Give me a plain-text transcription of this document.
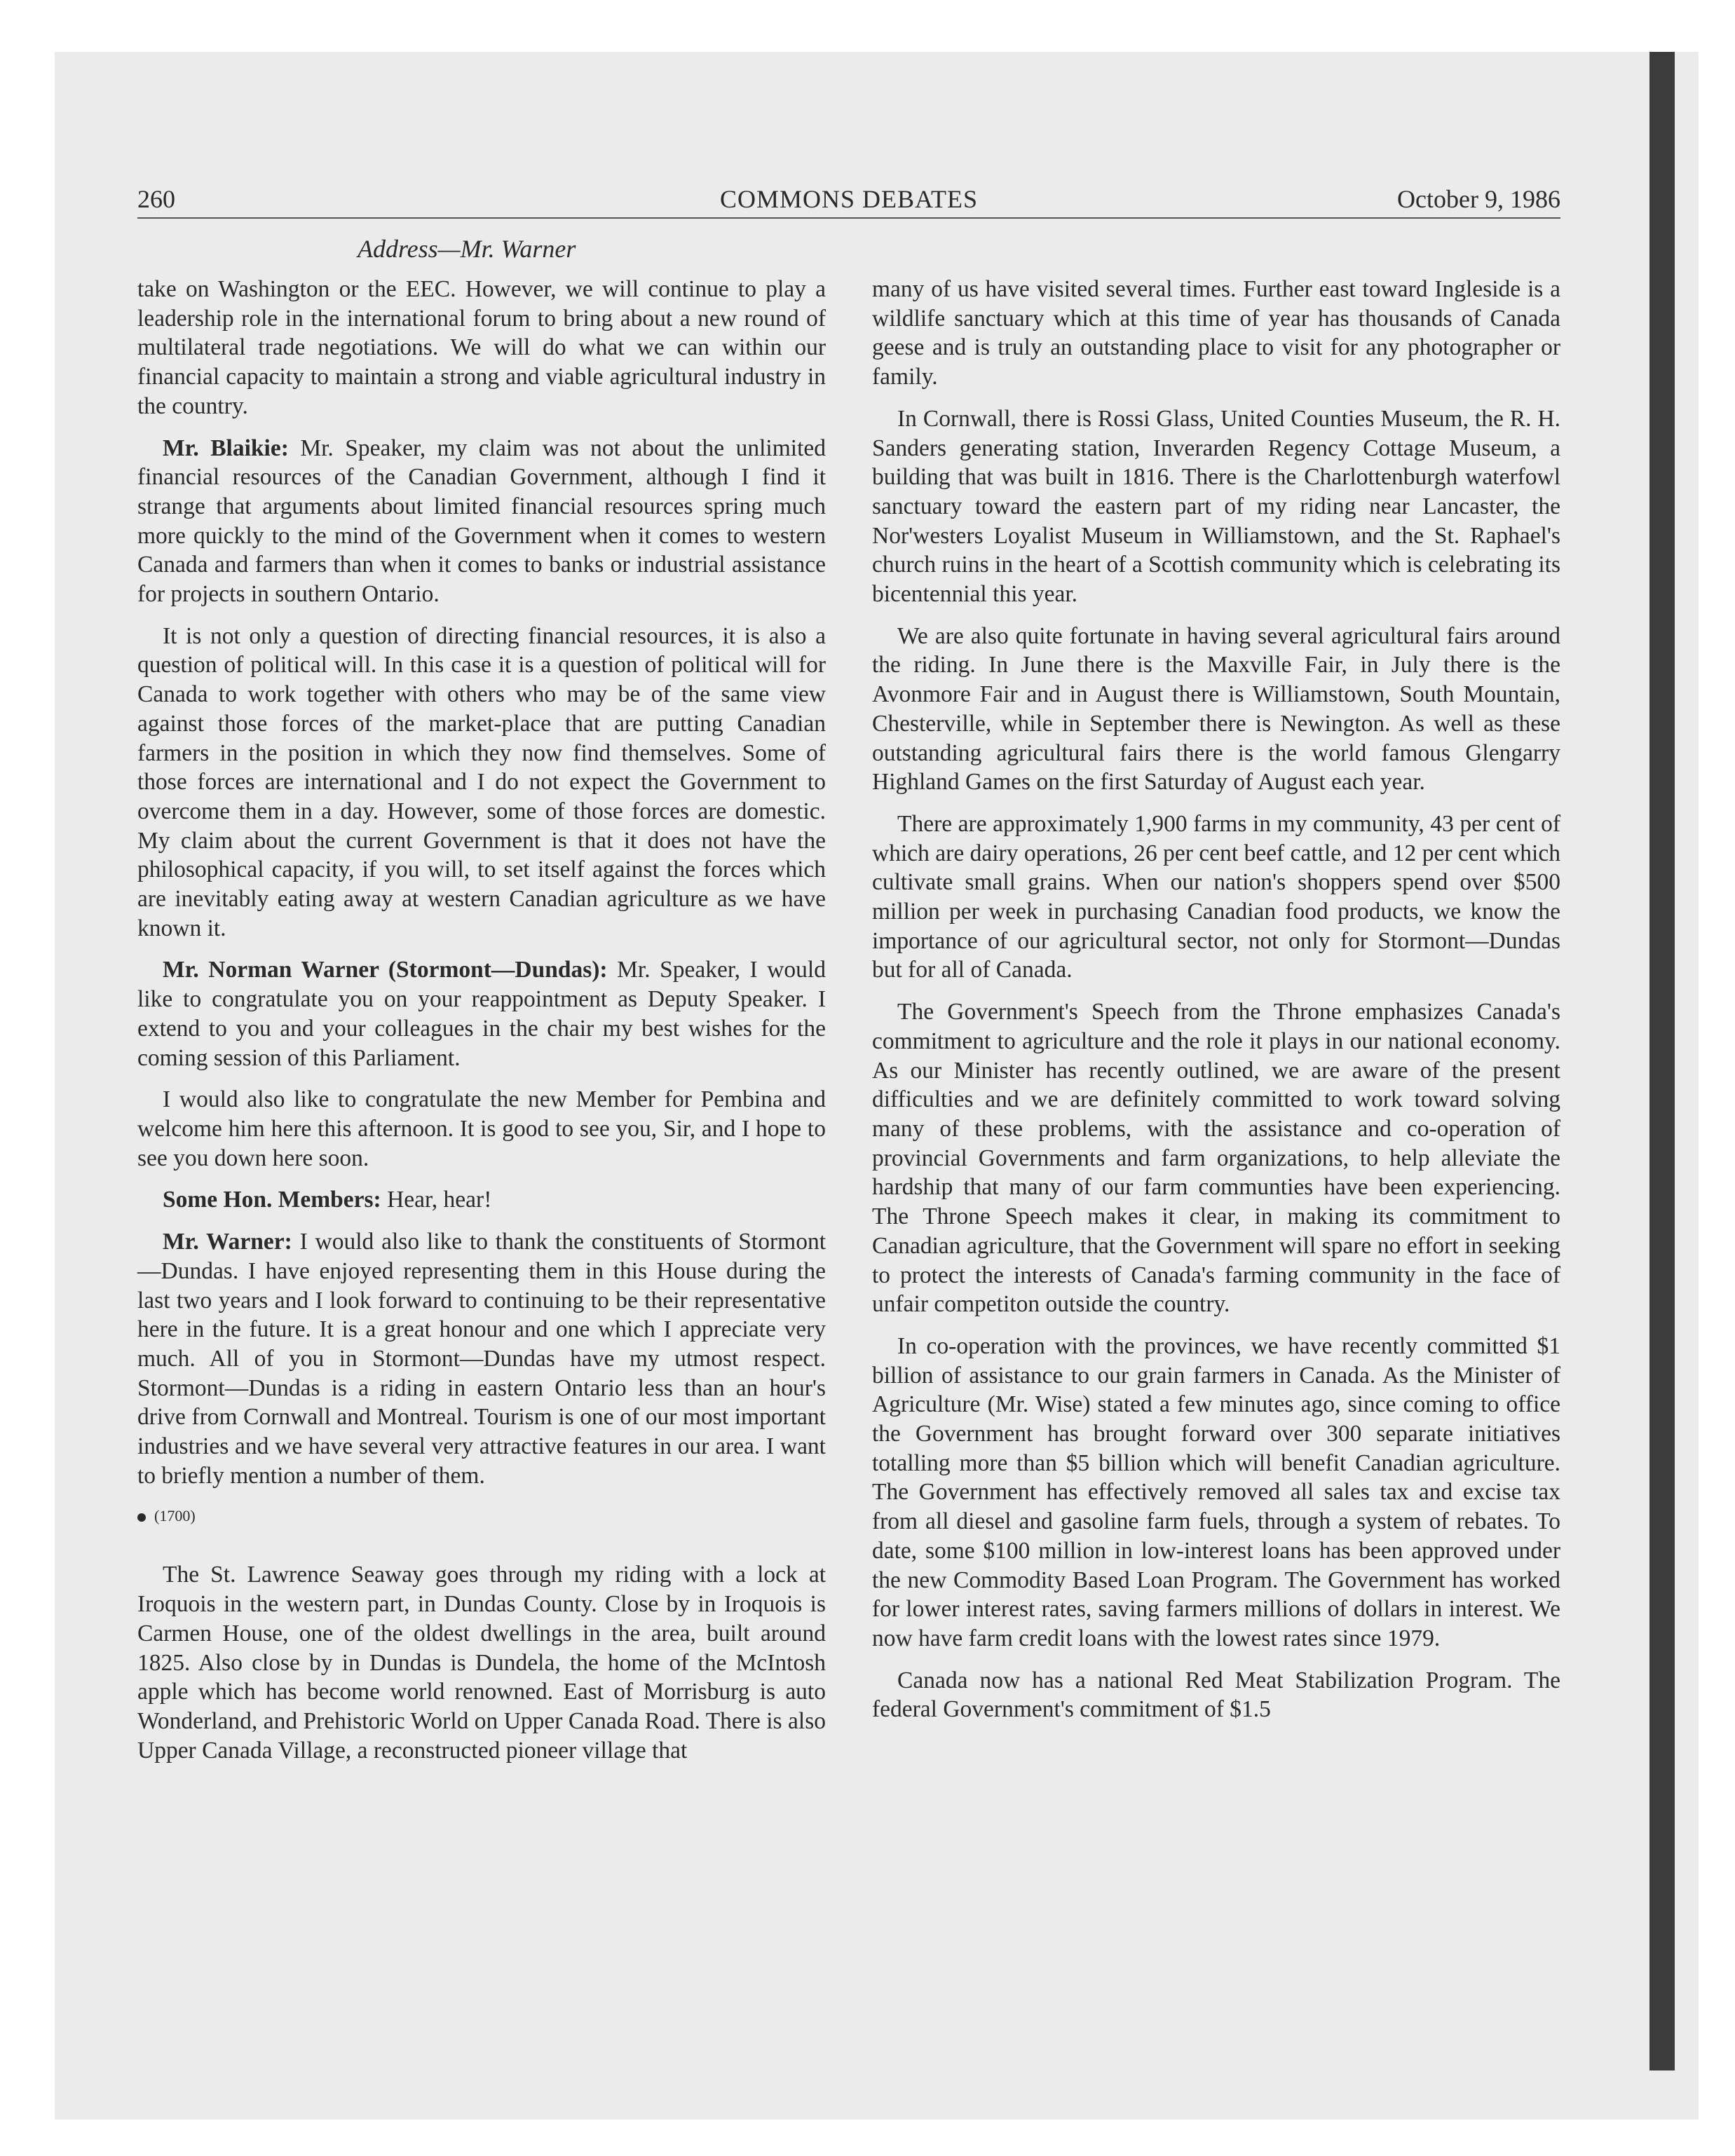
260	COMMONS DEBATES	October 9, 1986
Address—Mr. Warner

take on Washington or the EEC. However, we will continue to play a leadership role in the international forum to bring about a new round of multilateral trade negotiations. We will do what we can within our financial capacity to maintain a strong and viable agricultural industry in the country.

Mr. Blaikie: Mr. Speaker, my claim was not about the unlimited financial resources of the Canadian Government, although I find it strange that arguments about limited financial resources spring much more quickly to the mind of the Government when it comes to western Canada and farmers than when it comes to banks or industrial assistance for projects in southern Ontario.

It is not only a question of directing financial resources, it is also a question of political will. In this case it is a question of political will for Canada to work together with others who may be of the same view against those forces of the market-place that are putting Canadian farmers in the position in which they now find themselves. Some of those forces are international and I do not expect the Government to overcome them in a day. However, some of those forces are domestic. My claim about the current Government is that it does not have the philosophical capacity, if you will, to set itself against the forces which are inevitably eating away at western Canadian agriculture as we have known it.

Mr. Norman Warner (Stormont—Dundas): Mr. Speaker, I would like to congratulate you on your reappointment as Deputy Speaker. I extend to you and your colleagues in the chair my best wishes for the coming session of this Parliament.

I would also like to congratulate the new Member for Pembina and welcome him here this afternoon. It is good to see you, Sir, and I hope to see you down here soon.

Some Hon. Members: Hear, hear!

Mr. Warner: I would also like to thank the constituents of Stormont—Dundas. I have enjoyed representing them in this House during the last two years and I look forward to continuing to be their representative here in the future. It is a great honour and one which I appreciate very much. All of you in Stormont—Dundas have my utmost respect. Stormont—Dundas is a riding in eastern Ontario less than an hour's drive from Cornwall and Montreal. Tourism is one of our most important industries and we have several very attractive features in our area. I want to briefly mention a number of them.

(1700)

The St. Lawrence Seaway goes through my riding with a lock at Iroquois in the western part, in Dundas County. Close by in Iroquois is Carmen House, one of the oldest dwellings in the area, built around 1825. Also close by in Dundas is Dundela, the home of the McIntosh apple which has become world renowned. East of Morrisburg is auto Wonderland, and Prehistoric World on Upper Canada Road. There is also Upper Canada Village, a reconstructed pioneer village that

many of us have visited several times. Further east toward Ingleside is a wildlife sanctuary which at this time of year has thousands of Canada geese and is truly an outstanding place to visit for any photographer or family.

In Cornwall, there is Rossi Glass, United Counties Museum, the R. H. Sanders generating station, Inverarden Regency Cottage Museum, a building that was built in 1816. There is the Charlottenburgh waterfowl sanctuary toward the eastern part of my riding near Lancaster, the Nor'westers Loyalist Museum in Williamstown, and the St. Raphael's church ruins in the heart of a Scottish community which is celebrating its bicentennial this year.

We are also quite fortunate in having several agricultural fairs around the riding. In June there is the Maxville Fair, in July there is the Avonmore Fair and in August there is Williamstown, South Mountain, Chesterville, while in September there is Newington. As well as these outstanding agricultural fairs there is the world famous Glengarry Highland Games on the first Saturday of August each year.

There are approximately 1,900 farms in my community, 43 per cent of which are dairy operations, 26 per cent beef cattle, and 12 per cent which cultivate small grains. When our nation's shoppers spend over $500 million per week in purchasing Canadian food products, we know the importance of our agricultural sector, not only for Stormont—Dundas but for all of Canada.

The Government's Speech from the Throne emphasizes Canada's commitment to agriculture and the role it plays in our national economy. As our Minister has recently outlined, we are aware of the present difficulties and we are definitely committed to work toward solving many of these problems, with the assistance and co-operation of provincial Governments and farm organizations, to help alleviate the hardship that many of our farm communties have been experiencing. The Throne Speech makes it clear, in making its commitment to Canadian agriculture, that the Government will spare no effort in seeking to protect the interests of Canada's farming community in the face of unfair competiton outside the country.

In co-operation with the provinces, we have recently committed $1 billion of assistance to our grain farmers in Canada. As the Minister of Agriculture (Mr. Wise) stated a few minutes ago, since coming to office the Government has brought forward over 300 separate initiatives totalling more than $5 billion which will benefit Canadian agriculture. The Government has effectively removed all sales tax and excise tax from all diesel and gasoline farm fuels, through a system of rebates. To date, some $100 million in low-interest loans has been approved under the new Commodity Based Loan Program. The Government has worked for lower interest rates, saving farmers millions of dollars in interest. We now have farm credit loans with the lowest rates since 1979.

Canada now has a national Red Meat Stabilization Program. The federal Government's commitment of $1.5
